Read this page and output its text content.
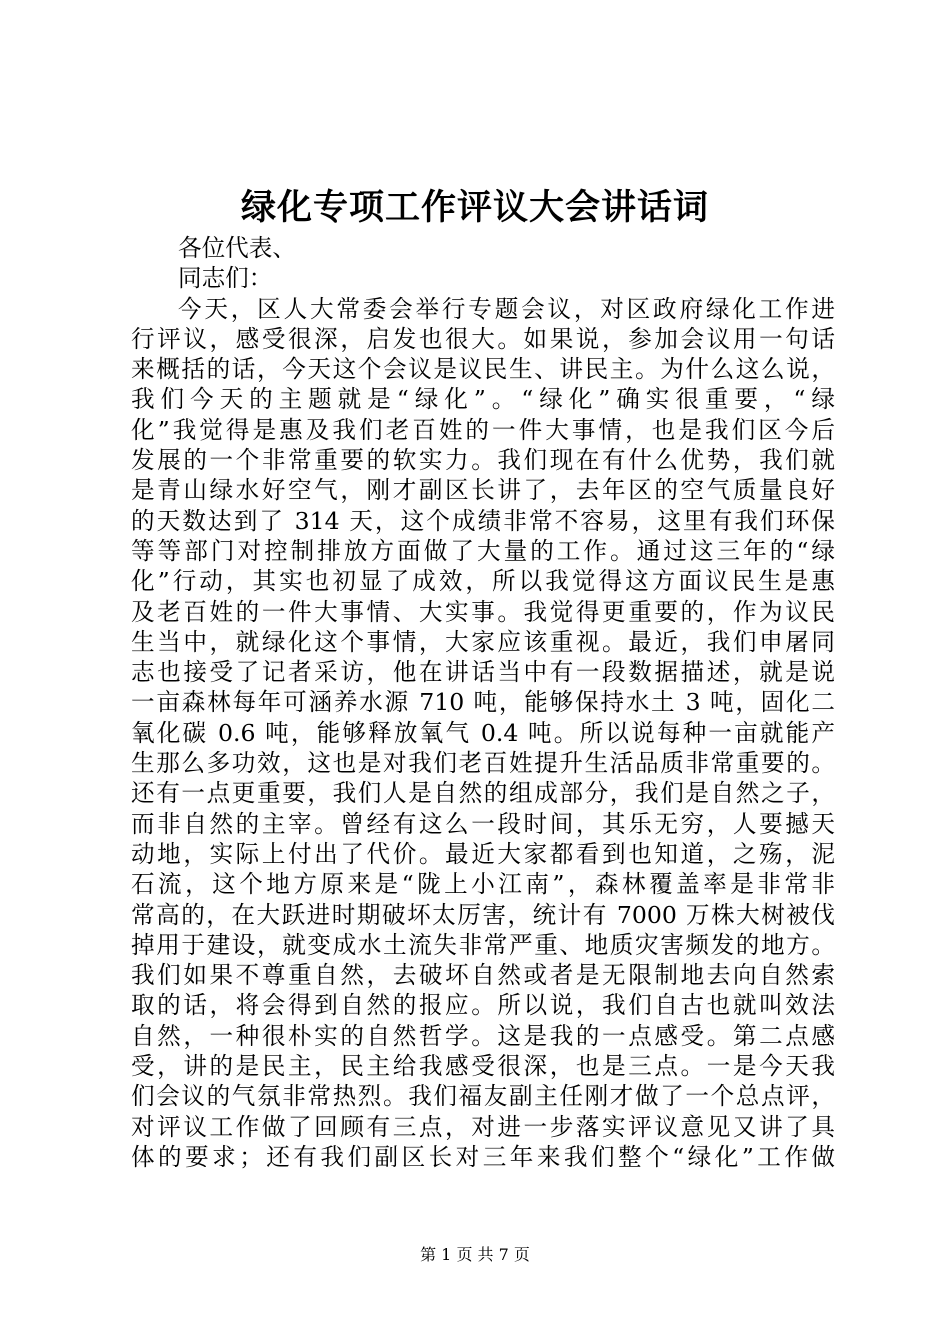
绿化专项工作评议大会讲话词
各位代表、
同志们：
今天，区人大常委会举行专题会议，对区政府绿化工作进
行评议，感受很深，启发也很大。如果说，参加会议用一句话
来概括的话，今天这个会议是议民生、讲民主。为什么这么说，
我们今天的主题就是“绿化”。“绿化”确实很重要，“绿
化”我觉得是惠及我们老百姓的一件大事情，也是我们区今后
发展的一个非常重要的软实力。我们现在有什么优势，我们就
是青山绿水好空气，刚才副区长讲了，去年区的空气质量良好
的天数达到了 314 天，这个成绩非常不容易，这里有我们环保
等等部门对控制排放方面做了大量的工作。通过这三年的“绿
化”行动，其实也初显了成效，所以我觉得这方面议民生是惠
及老百姓的一件大事情、大实事。我觉得更重要的，作为议民
生当中，就绿化这个事情，大家应该重视。最近，我们申屠同
志也接受了记者采访，他在讲话当中有一段数据描述，就是说
一亩森林每年可涵养水源 710 吨，能够保持水土 3 吨，固化二
氧化碳 0.6 吨，能够释放氧气 0.4 吨。所以说每种一亩就能产
生那么多功效，这也是对我们老百姓提升生活品质非常重要的。
还有一点更重要，我们人是自然的组成部分，我们是自然之子，
而非自然的主宰。曾经有这么一段时间，其乐无穷，人要撼天
动地，实际上付出了代价。最近大家都看到也知道，之殇，泥
石流，这个地方原来是“陇上小江南”，森林覆盖率是非常非
常高的，在大跃进时期破坏太厉害，统计有 7000 万株大树被伐
掉用于建设，就变成水土流失非常严重、地质灾害频发的地方。
我们如果不尊重自然，去破坏自然或者是无限制地去向自然索
取的话，将会得到自然的报应。所以说，我们自古也就叫效法
自然，一种很朴实的自然哲学。这是我的一点感受。第二点感
受，讲的是民主，民主给我感受很深，也是三点。一是今天我
们会议的气氛非常热烈。我们福友副主任刚才做了一个总点评，
对评议工作做了回顾有三点，对进一步落实评议意见又讲了具
体的要求；还有我们副区长对三年来我们整个“绿化”工作做
第 1 页 共 7 页
